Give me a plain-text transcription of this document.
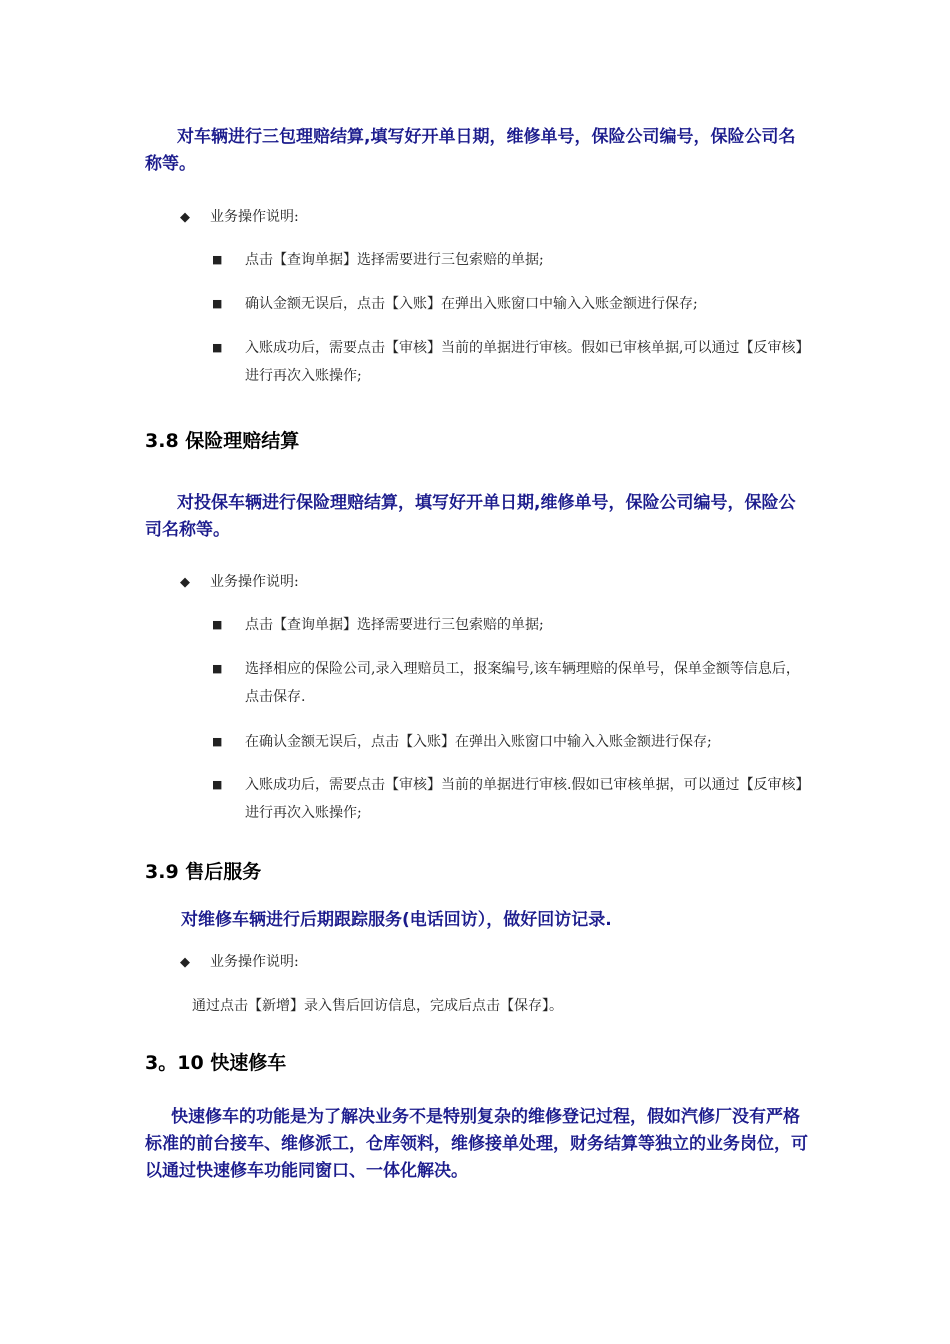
对车辆进行三包理赔结算,填写好开单日期，维修单号，保险公司编号，保险公司名称等。
◆ 业务操作说明:
■ 点击【查询单据】选择需要进行三包索赔的单据;
■ 确认金额无误后，点击【入账】在弹出入账窗口中输入入账金额进行保存;
■ 入账成功后，需要点击【审核】当前的单据进行审核。假如已审核单据,可以通过【反审核】进行再次入账操作;
3.8 保险理赔结算
对投保车辆进行保险理赔结算，填写好开单日期,维修单号，保险公司编号，保险公司名称等。
◆ 业务操作说明:
■ 点击【查询单据】选择需要进行三包索赔的单据;
■ 选择相应的保险公司,录入理赔员工，报案编号,该车辆理赔的保单号，保单金额等信息后，点击保存.
■ 在确认金额无误后，点击【入账】在弹出入账窗口中输入入账金额进行保存;
■ 入账成功后，需要点击【审核】当前的单据进行审核.假如已审核单据，可以通过【反审核】进行再次入账操作;
3.9 售后服务
对维修车辆进行后期跟踪服务(电话回访），做好回访记录.
◆ 业务操作说明:
通过点击【新增】录入售后回访信息，完成后点击【保存】。
3。10 快速修车
快速修车的功能是为了解决业务不是特别复杂的维修登记过程，假如汽修厂没有严格标准的前台接车、维修派工，仓库领料，维修接单处理，财务结算等独立的业务岗位，可以通过快速修车功能同窗口、一体化解决。
